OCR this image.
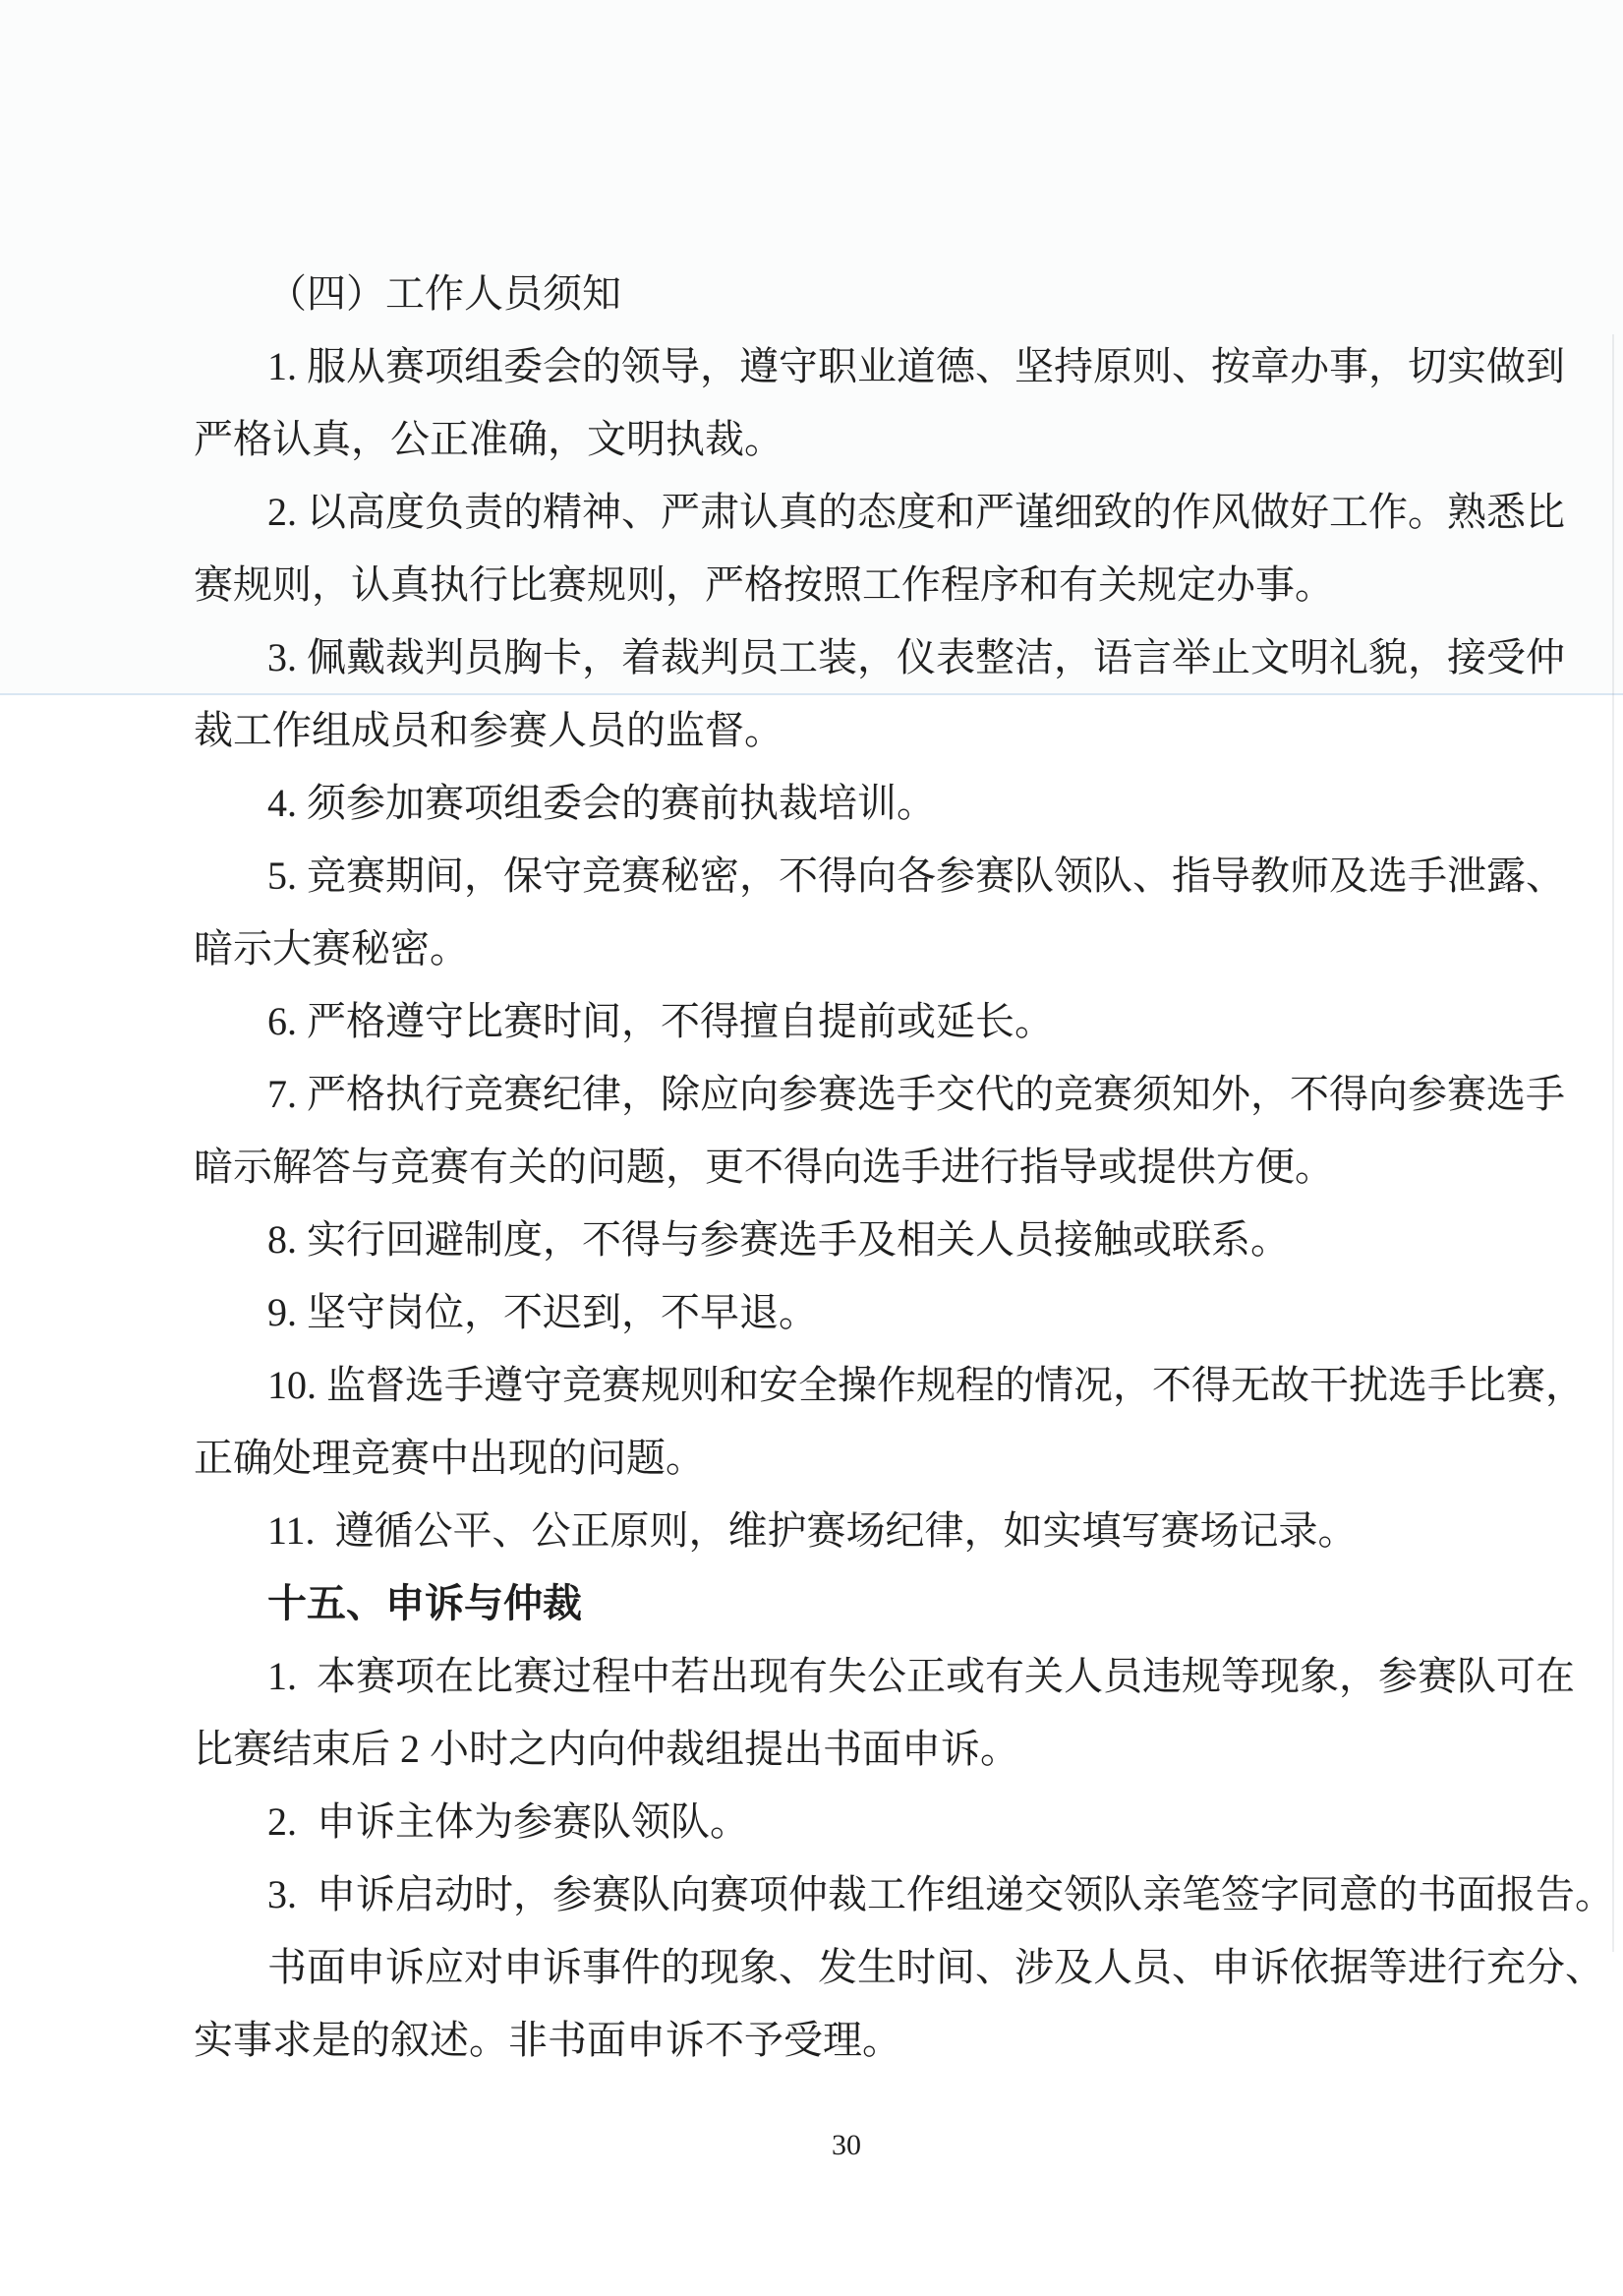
（四）工作人员须知
1. 服从赛项组委会的领导，遵守职业道德、坚持原则、按章办事，切实做到
严格认真，公正准确，文明执裁。
2. 以高度负责的精神、严肃认真的态度和严谨细致的作风做好工作。熟悉比
赛规则，认真执行比赛规则，严格按照工作程序和有关规定办事。
3. 佩戴裁判员胸卡，着裁判员工装，仪表整洁，语言举止文明礼貌，接受仲
裁工作组成员和参赛人员的监督。
4. 须参加赛项组委会的赛前执裁培训。
5. 竞赛期间，保守竞赛秘密，不得向各参赛队领队、指导教师及选手泄露、
暗示大赛秘密。
6. 严格遵守比赛时间，不得擅自提前或延长。
7. 严格执行竞赛纪律，除应向参赛选手交代的竞赛须知外，不得向参赛选手
暗示解答与竞赛有关的问题，更不得向选手进行指导或提供方便。
8. 实行回避制度，不得与参赛选手及相关人员接触或联系。
9. 坚守岗位，不迟到，不早退。
10. 监督选手遵守竞赛规则和安全操作规程的情况，不得无故干扰选手比赛，
正确处理竞赛中出现的问题。
11.  遵循公平、公正原则，维护赛场纪律，如实填写赛场记录。
十五、申诉与仲裁
1.  本赛项在比赛过程中若出现有失公正或有关人员违规等现象，参赛队可在
比赛结束后 2 小时之内向仲裁组提出书面申诉。
2.  申诉主体为参赛队领队。
3.  申诉启动时，参赛队向赛项仲裁工作组递交领队亲笔签字同意的书面报告。
书面申诉应对申诉事件的现象、发生时间、涉及人员、申诉依据等进行充分、
实事求是的叙述。非书面申诉不予受理。
30
